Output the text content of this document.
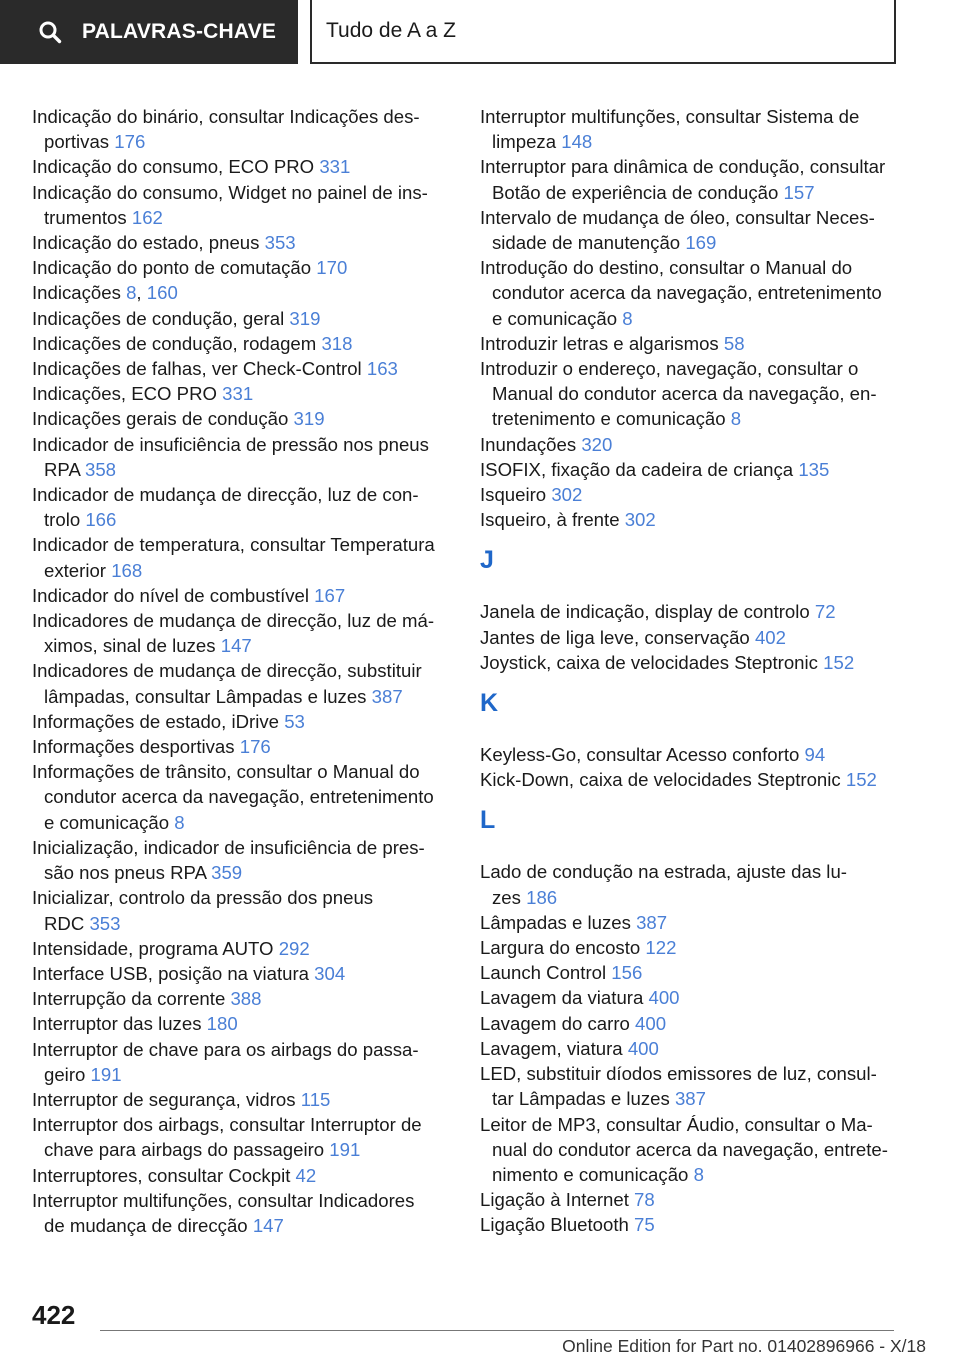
PALAVRAS-CHAVE Tudo de A a Z
Indicação do binário, consultar Indicações des-
portivas 176
Indicação do consumo, ECO PRO 331
Indicação do consumo, Widget no painel de ins-
trumentos 162
Indicação do estado, pneus 353
Indicação do ponto de comutação 170
Indicações 8, 160
Indicações de condução, geral 319
Indicações de condução, rodagem 318
Indicações de falhas, ver Check-Control 163
Indicações, ECO PRO 331
Indicações gerais de condução 319
Indicador de insuficiência de pressão nos pneus
RPA 358
Indicador de mudança de direcção, luz de con-
trolo 166
Indicador de temperatura, consultar Temperatura
exterior 168
Indicador do nível de combustível 167
Indicadores de mudança de direcção, luz de má-
ximos, sinal de luzes 147
Indicadores de mudança de direcção, substituir
lâmpadas, consultar Lâmpadas e luzes 387
Informações de estado, iDrive 53
Informações desportivas 176
Informações de trânsito, consultar o Manual do
condutor acerca da navegação, entretenimento
e comunicação 8
Inicialização, indicador de insuficiência de pres-
são nos pneus RPA 359
Inicializar, controlo da pressão dos pneus
RDC 353
Intensidade, programa AUTO 292
Interface USB, posição na viatura 304
Interrupção da corrente 388
Interruptor das luzes 180
Interruptor de chave para os airbags do passa-
geiro 191
Interruptor de segurança, vidros 115
Interruptor dos airbags, consultar Interruptor de
chave para airbags do passageiro 191
Interruptores, consultar Cockpit 42
Interruptor multifunções, consultar Indicadores
de mudança de direcção 147
Interruptor multifunções, consultar Sistema de
limpeza 148
Interruptor para dinâmica de condução, consultar
Botão de experiência de condução 157
Intervalo de mudança de óleo, consultar Neces-
sidade de manutenção 169
Introdução do destino, consultar o Manual do
condutor acerca da navegação, entretenimento
e comunicação 8
Introduzir letras e algarismos 58
Introduzir o endereço, navegação, consultar o
Manual do condutor acerca da navegação, en-
tretenimento e comunicação 8
Inundações 320
ISOFIX, fixação da cadeira de criança 135
Isqueiro 302
Isqueiro, à frente 302
J
Janela de indicação, display de controlo 72
Jantes de liga leve, conservação 402
Joystick, caixa de velocidades Steptronic 152
K
Keyless-Go, consultar Acesso conforto 94
Kick-Down, caixa de velocidades Steptronic 152
L
Lado de condução na estrada, ajuste das lu-
zes 186
Lâmpadas e luzes 387
Largura do encosto 122
Launch Control 156
Lavagem da viatura 400
Lavagem do carro 400
Lavagem, viatura 400
LED, substituir díodos emissores de luz, consul-
tar Lâmpadas e luzes 387
Leitor de MP3, consultar Áudio, consultar o Ma-
nual do condutor acerca da navegação, entrete-
nimento e comunicação 8
Ligação à Internet 78
Ligação Bluetooth 75
422
Online Edition for Part no. 01402896966 - X/18
